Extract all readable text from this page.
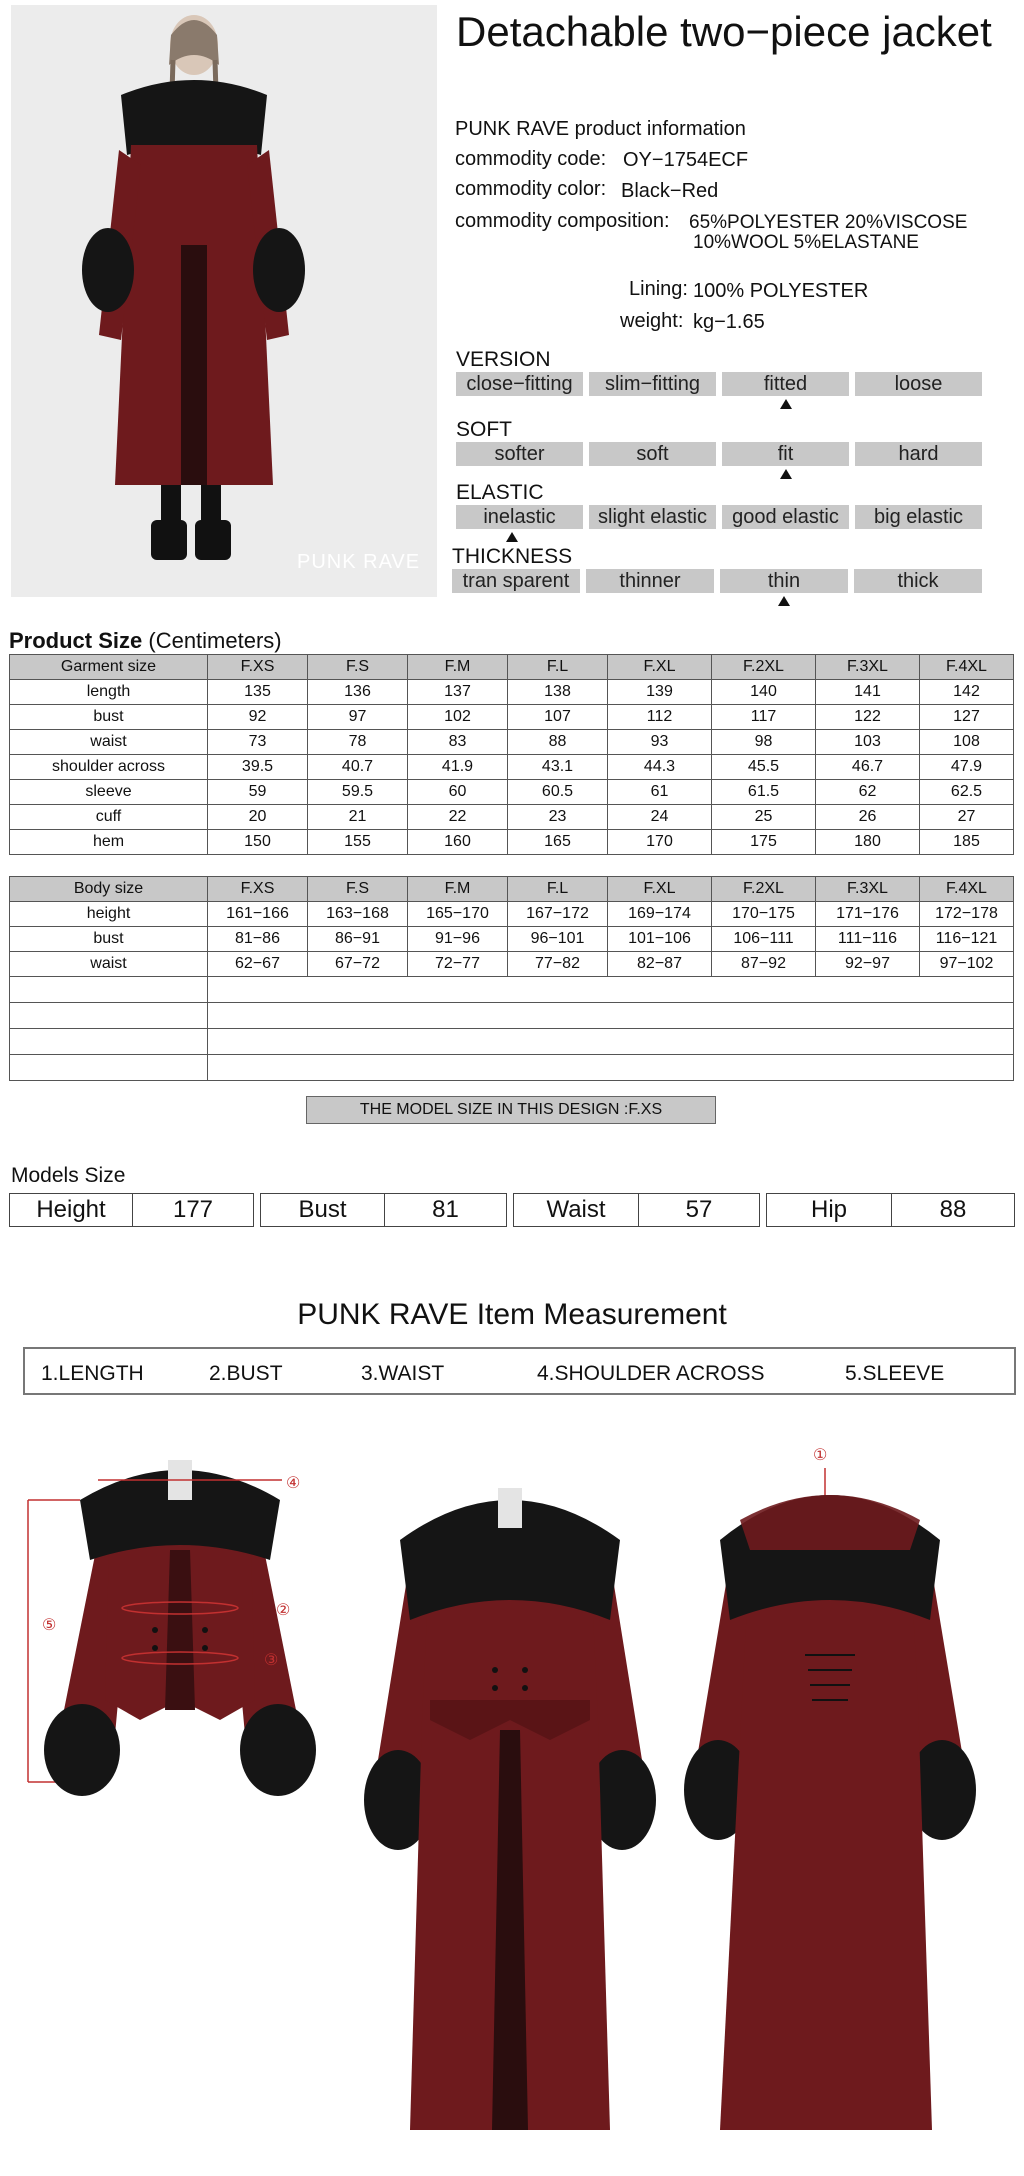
PUNK RAVE
Detachable two−piece jacket
PUNK RAVE product information
commodity code: OY−1754ECF
commodity color: Black−Red
commodity composition: 65%POLYESTER 20%VISCOSE
10%WOOL 5%ELASTANE
Lining: 100% POLYESTER
weight: kg−1.65
VERSION
close−fitting	slim−fitting	fitted	loose
SOFT
softer	soft	fit	hard
ELASTIC
inelastic	slight elastic	good elastic	big elastic
THICKNESS
tran sparent	thinner	thin	thick
Product Size (Centimeters)
Garment size	F.XS	F.S	F.M	F.L	F.XL	F.2XL	F.3XL	F.4XL
length	135	136	137	138	139	140	141	142
bust	92	97	102	107	112	117	122	127
waist	73	78	83	88	93	98	103	108
shoulder across	39.5	40.7	41.9	43.1	44.3	45.5	46.7	47.9
sleeve	59	59.5	60	60.5	61	61.5	62	62.5
cuff	20	21	22	23	24	25	26	27
hem	150	155	160	165	170	175	180	185
Body size	F.XS	F.S	F.M	F.L	F.XL	F.2XL	F.3XL	F.4XL
height	161−166	163−168	165−170	167−172	169−174	170−175	171−176	172−178
bust	81−86	86−91	91−96	96−101	101−106	106−111	111−116	116−121
waist	62−67	67−72	72−77	77−82	82−87	87−92	92−97	97−102

THE MODEL SIZE IN THIS DESIGN :F.XS
Models Size
Height	177	Bust	81	Waist	57	Hip	88
PUNK RAVE Item Measurement
1.LENGTH	2.BUST	3.WAIST	4.SHOULDER ACROSS	5.SLEEVE
⑤
②
③
④
①
